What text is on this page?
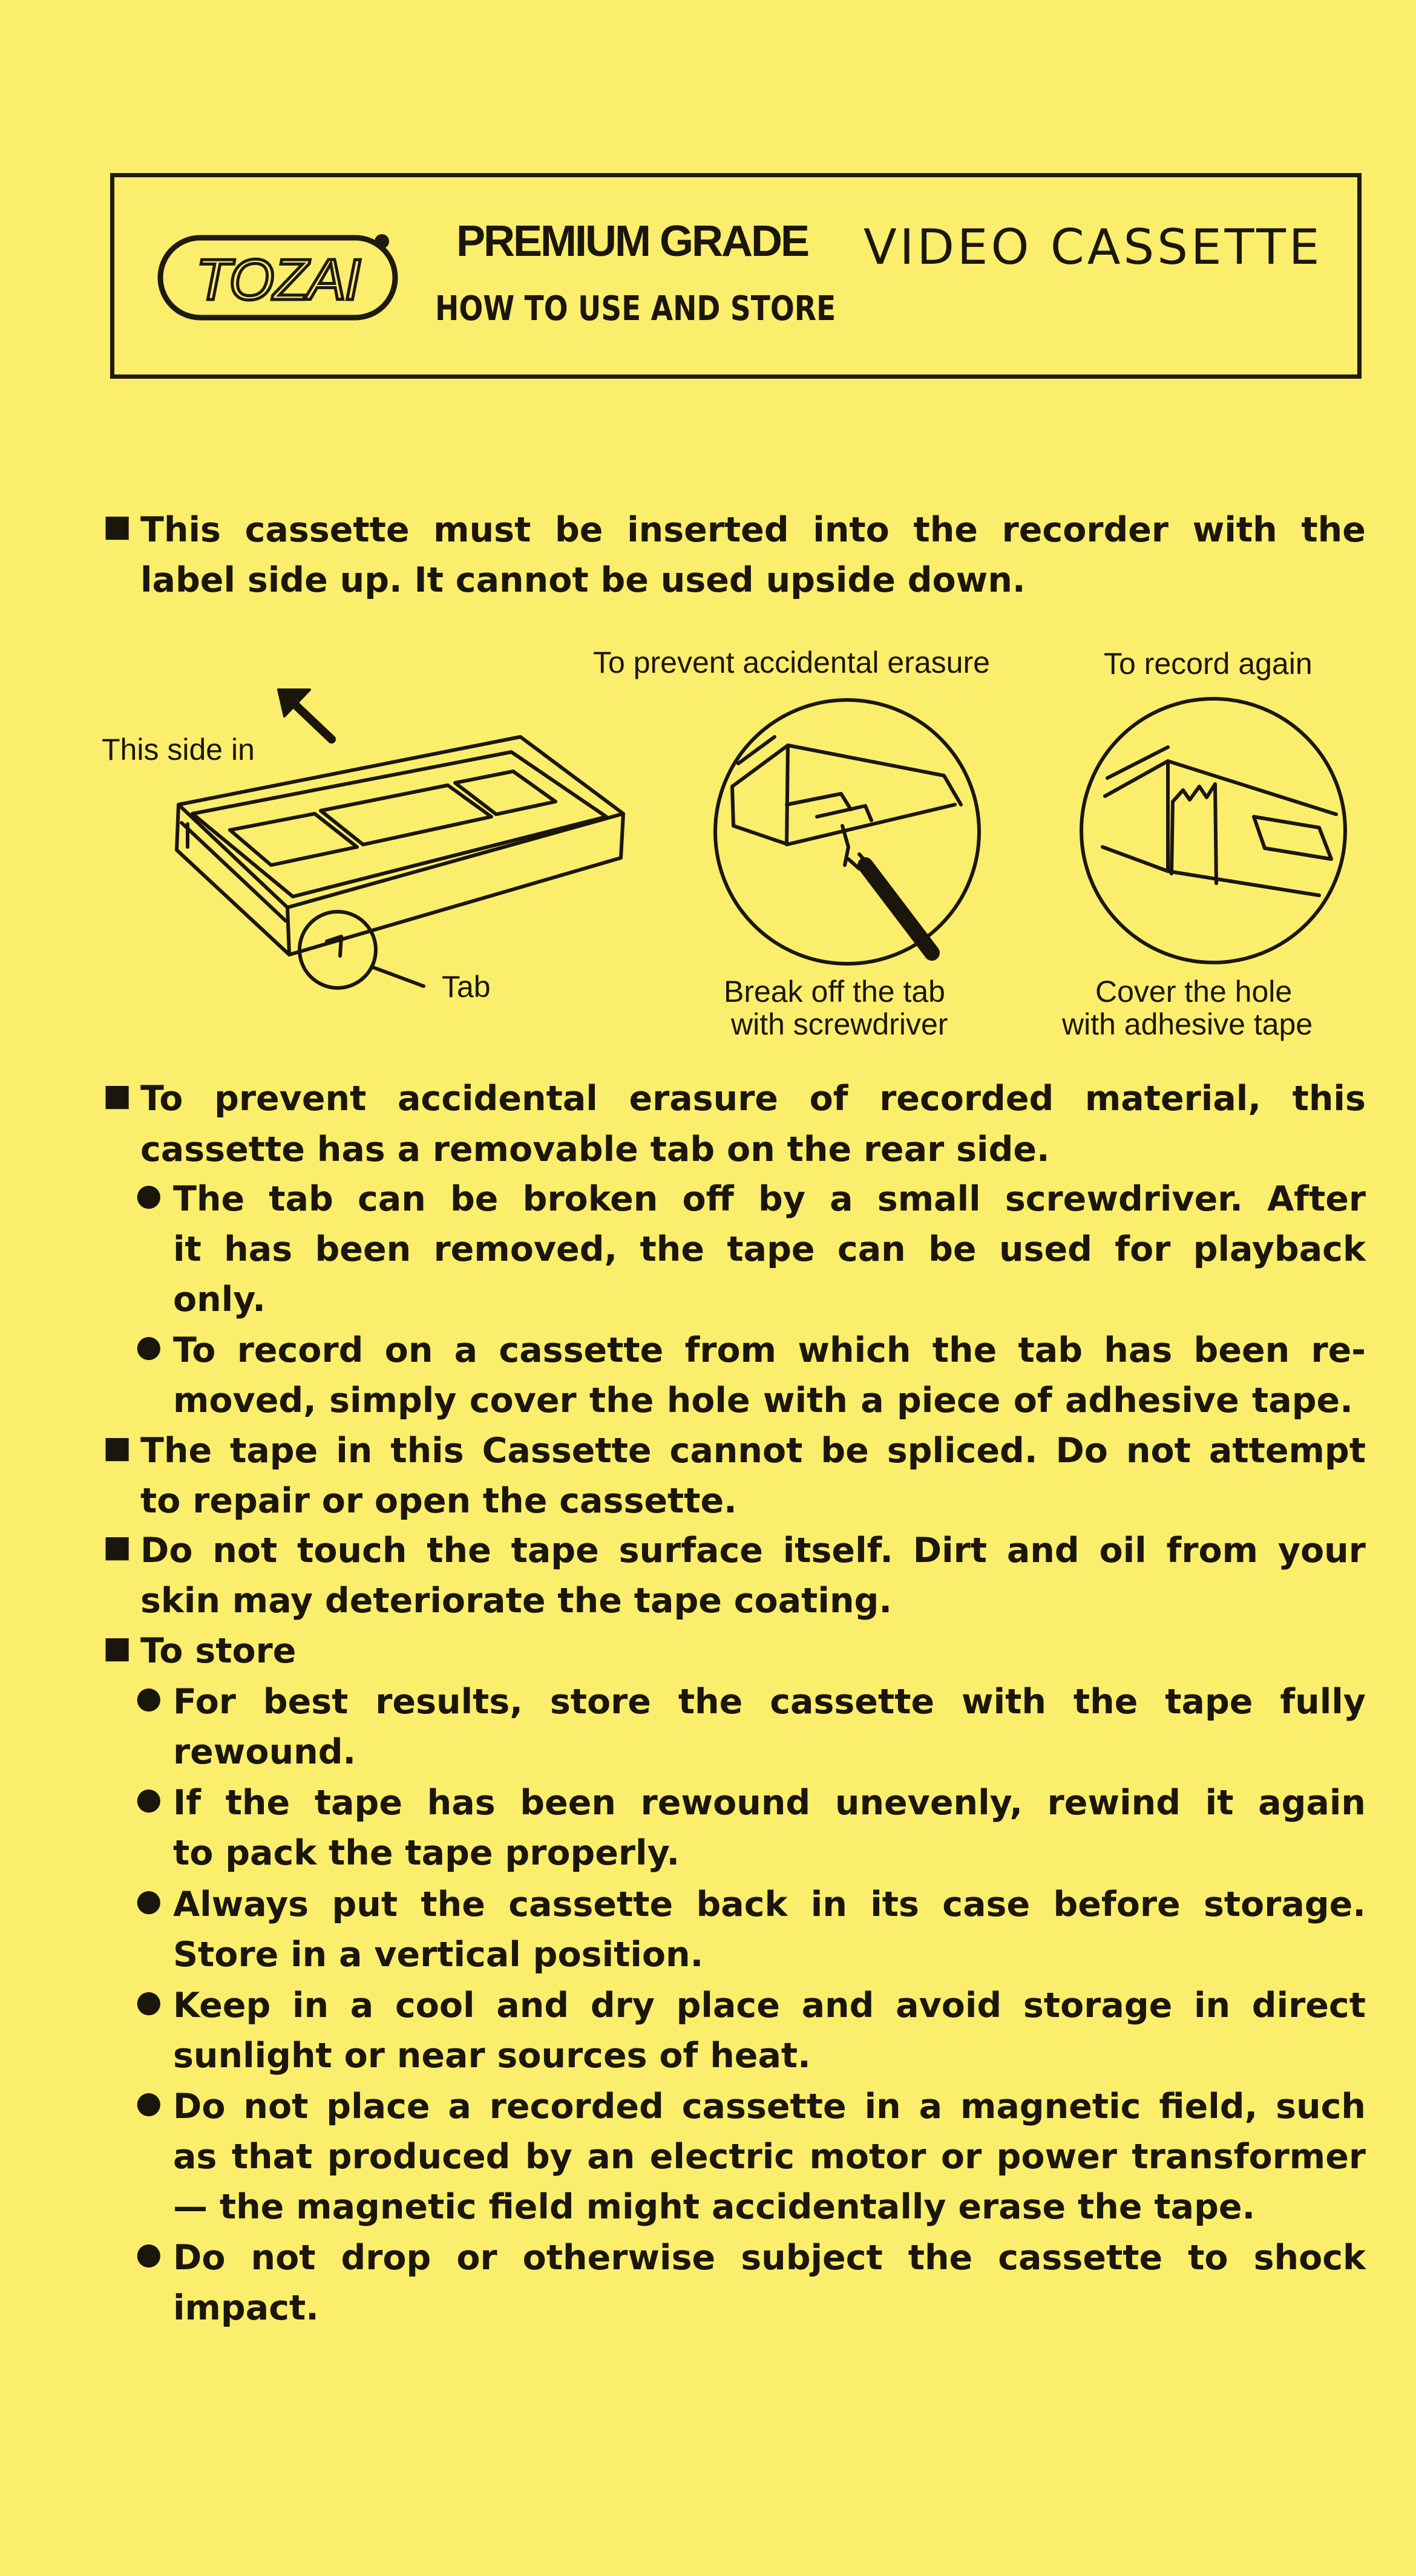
TOZAI
PREMIUM GRADE VIDEO CASSETTE
HOW TO USE AND STORE
■ This cassette must be inserted into the recorder with the
label side up. It cannot be used upside down.
To prevent accidental erasure	To record again
This side in
Tab	Break off the tab
with screwdriver
Cover the hole
with adhesive tape
■ To prevent accidental erasure of recorded material, this
cassette has a removable tab on the rear side.
● The tab can be broken off by a small screwdriver. After
it has been removed, the tape can be used for playback
only.
● To record on a cassette from which the tab has been re-
moved, simply cover the hole with a piece of adhesive tape.
■ The tape in this Cassette cannot be spliced. Do not attempt
to repair or open the cassette.
■ Do not touch the tape surface itself. Dirt and oil from your
skin may deteriorate the tape coating.
■ To store
● For best results, store the cassette with the tape fully
rewound.
● If the tape has been rewound unevenly, rewind it again
to pack the tape properly.
● Always put the cassette back in its case before storage.
Store in a vertical position.
● Keep in a cool and dry place and avoid storage in direct
sunlight or near sources of heat.
● Do not place a recorded cassette in a magnetic field, such
as that produced by an electric motor or power transformer
— the magnetic field might accidentally erase the tape.
● Do not drop or otherwise subject the cassette to shock
impact.
